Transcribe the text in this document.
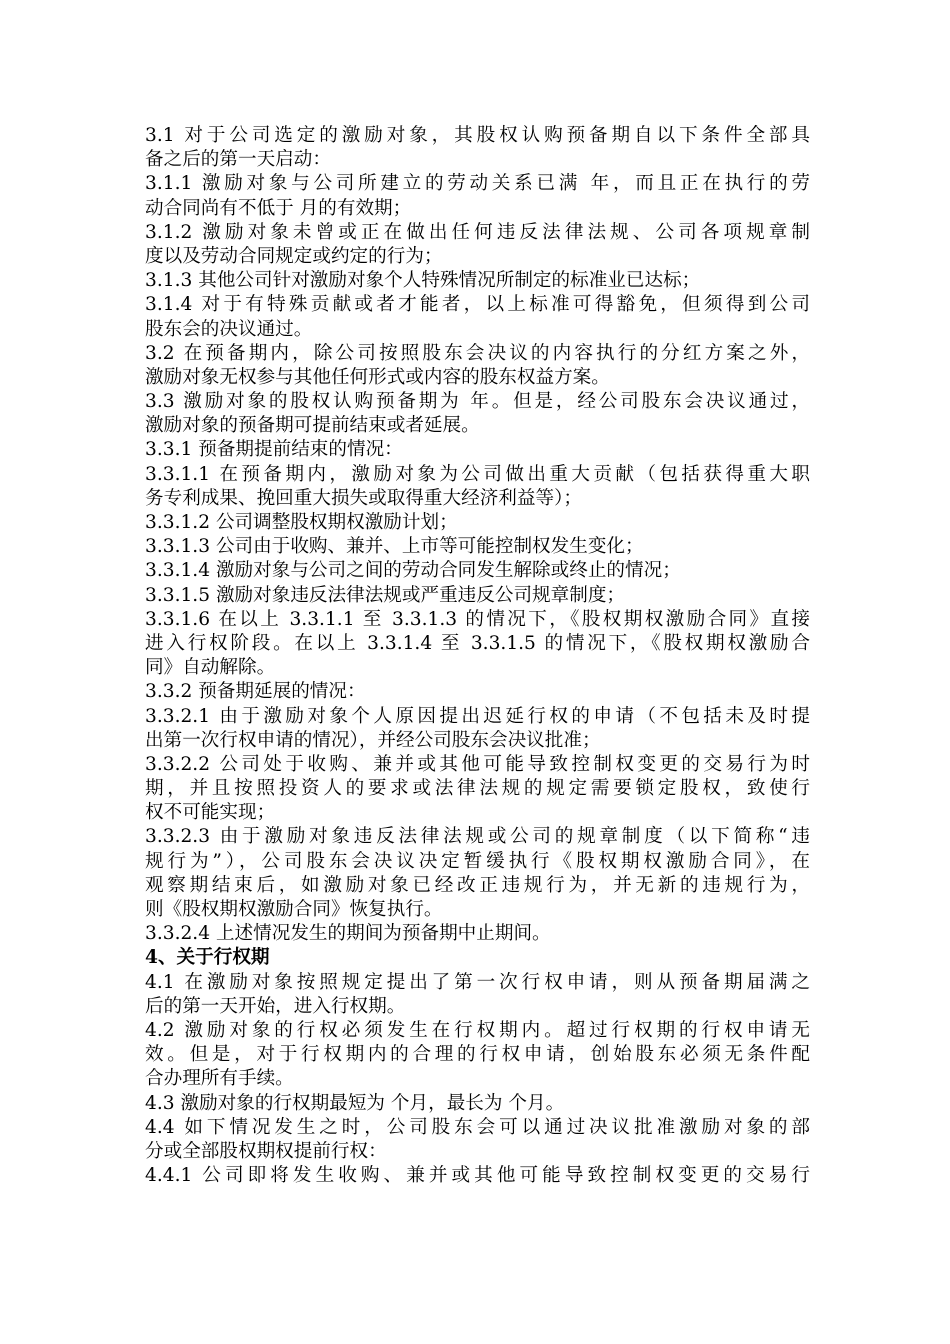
3.1 对于公司选定的激励对象，其股权认购预备期自以下条件全部具
备之后的第一天启动：
3.1.1 激励对象与公司所建立的劳动关系已满 年，而且正在执行的劳
动合同尚有不低于 月的有效期；
3.1.2 激励对象未曾或正在做出任何违反法律法规、公司各项规章制
度以及劳动合同规定或约定的行为；
3.1.3 其他公司针对激励对象个人特殊情况所制定的标准业已达标；
3.1.4 对于有特殊贡献或者才能者，以上标准可得豁免，但须得到公司
股东会的决议通过。
3.2 在预备期内，除公司按照股东会决议的内容执行的分红方案之外，
激励对象无权参与其他任何形式或内容的股东权益方案。
3.3 激励对象的股权认购预备期为 年。但是，经公司股东会决议通过，
激励对象的预备期可提前结束或者延展。
3.3.1 预备期提前结束的情况：
3.3.1.1 在预备期内，激励对象为公司做出重大贡献（包括获得重大职
务专利成果、挽回重大损失或取得重大经济利益等）；
3.3.1.2 公司调整股权期权激励计划；
3.3.1.3 公司由于收购、兼并、上市等可能控制权发生变化；
3.3.1.4 激励对象与公司之间的劳动合同发生解除或终止的情况；
3.3.1.5 激励对象违反法律法规或严重违反公司规章制度；
3.3.1.6 在以上 3.3.1.1 至 3.3.1.3 的情况下，《股权期权激励合同》直接
进入行权阶段。在以上 3.3.1.4 至 3.3.1.5 的情况下，《股权期权激励合
同》自动解除。
3.3.2 预备期延展的情况：
3.3.2.1 由于激励对象个人原因提出迟延行权的申请（不包括未及时提
出第一次行权申请的情况），并经公司股东会决议批准；
3.3.2.2 公司处于收购、兼并或其他可能导致控制权变更的交易行为时
期，并且按照投资人的要求或法律法规的规定需要锁定股权，致使行
权不可能实现；
3.3.2.3 由于激励对象违反法律法规或公司的规章制度（以下简称“违
规行为”），公司股东会决议决定暂缓执行《股权期权激励合同》，在
观察期结束后，如激励对象已经改正违规行为，并无新的违规行为，
则《股权期权激励合同》恢复执行。
3.3.2.4 上述情况发生的期间为预备期中止期间。
4、关于行权期
4.1 在激励对象按照规定提出了第一次行权申请，则从预备期届满之
后的第一天开始，进入行权期。
4.2 激励对象的行权必须发生在行权期内。超过行权期的行权申请无
效。但是，对于行权期内的合理的行权申请，创始股东必须无条件配
合办理所有手续。
4.3 激励对象的行权期最短为 个月，最长为 个月。
4.4 如下情况发生之时，公司股东会可以通过决议批准激励对象的部
分或全部股权期权提前行权：
4.4.1 公司即将发生收购、兼并或其他可能导致控制权变更的交易行
